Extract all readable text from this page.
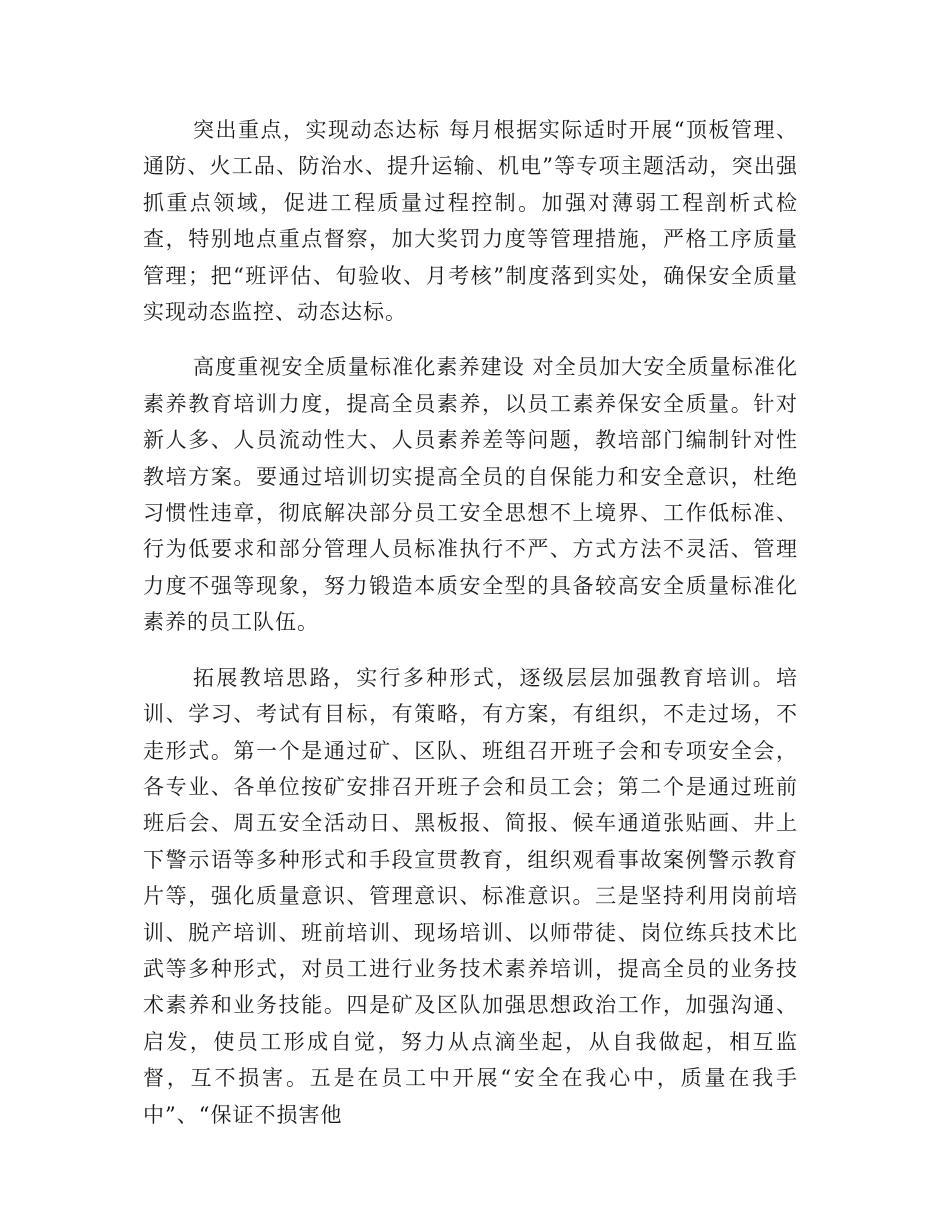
突出重点，实现动态达标 每月根据实际适时开展“顶板管理、通防、火工品、防治水、提升运输、机电”等专项主题活动，突出强抓重点领域，促进工程质量过程控制。加强对薄弱工程剖析式检查，特别地点重点督察，加大奖罚力度等管理措施，严格工序质量管理；把“班评估、旬验收、月考核”制度落到实处，确保安全质量实现动态监控、动态达标。

高度重视安全质量标准化素养建设 对全员加大安全质量标准化素养教育培训力度，提高全员素养，以员工素养保安全质量。针对新人多、人员流动性大、人员素养差等问题，教培部门编制针对性教培方案。要通过培训切实提高全员的自保能力和安全意识，杜绝习惯性违章，彻底解决部分员工安全思想不上境界、工作低标准、行为低要求和部分管理人员标准执行不严、方式方法不灵活、管理力度不强等现象，努力锻造本质安全型的具备较高安全质量标准化素养的员工队伍。

拓展教培思路，实行多种形式，逐级层层加强教育培训。培训、学习、考试有目标，有策略，有方案，有组织，不走过场，不走形式。第一个是通过矿、区队、班组召开班子会和专项安全会，各专业、各单位按矿安排召开班子会和员工会；第二个是通过班前班后会、周五安全活动日、黑板报、简报、候车通道张贴画、井上下警示语等多种形式和手段宣贯教育，组织观看事故案例警示教育片等，强化质量意识、管理意识、标准意识。三是坚持利用岗前培训、脱产培训、班前培训、现场培训、以师带徒、岗位练兵技术比武等多种形式，对员工进行业务技术素养培训，提高全员的业务技术素养和业务技能。四是矿及区队加强思想政治工作，加强沟通、启发，使员工形成自觉，努力从点滴坐起，从自我做起，相互监督，互不损害。五是在员工中开展“安全在我心中，质量在我手中”、“保证不损害他
